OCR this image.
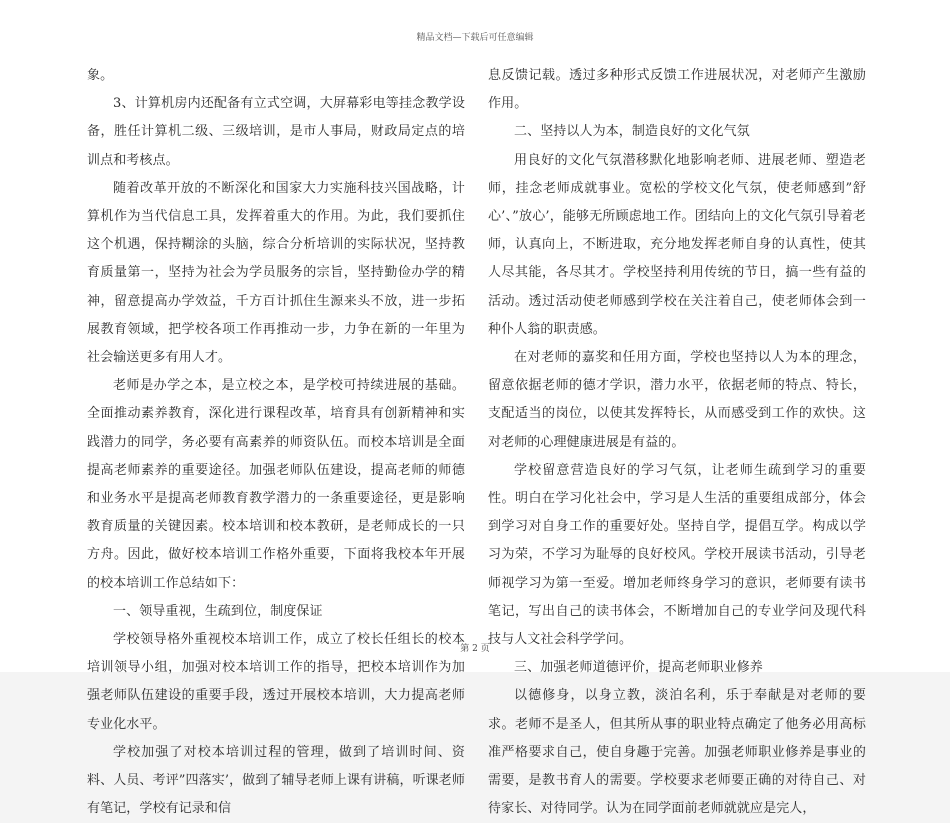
精品文档—下载后可任意编辑

象。

3、计算机房内还配备有立式空调，大屏幕彩电等挂念教学设备，胜任计算机二级、三级培训，是市人事局，财政局定点的培训点和考核点。

随着改革开放的不断深化和国家大力实施科技兴国战略，计算机作为当代信息工具，发挥着重大的作用。为此，我们要抓住这个机遇，保持糊涂的头脑，综合分析培训的实际状况，坚持教育质量第一，坚持为社会为学员服务的宗旨，坚持勤俭办学的精神，留意提高办学效益，千方百计抓住生源来头不放，进一步拓展教育领域，把学校各项工作再推动一步，力争在新的一年里为社会输送更多有用人才。

老师是办学之本，是立校之本，是学校可持续进展的基础。全面推动素养教育，深化进行课程改革，培育具有创新精神和实践潜力的同学，务必要有高素养的师资队伍。而校本培训是全面提高老师素养的重要途径。加强老师队伍建设，提高老师的师德和业务水平是提高老师教育教学潜力的一条重要途径，更是影响教育质量的关键因素。校本培训和校本教研，是老师成长的一只方舟。因此，做好校本培训工作格外重要，下面将我校本年开展的校本培训工作总结如下：

一、领导重视，生疏到位，制度保证

学校领导格外重视校本培训工作，成立了校长任组长的校本培训领导小组，加强对校本培训工作的指导，把校本培训作为加强老师队伍建设的重要手段，透过开展校本培训，大力提高老师专业化水平。

学校加强了对校本培训过程的管理，做到了培训时间、资料、人员、考评”四落实’，做到了辅导老师上课有讲稿，听课老师有笔记，学校有记录和信

息反馈记载。透过多种形式反馈工作进展状况，对老师产生激励作用。

二、坚持以人为本，制造良好的文化气氛

用良好的文化气氛潜移默化地影响老师、进展老师、塑造老师，挂念老师成就事业。宽松的学校文化气氛，使老师感到”舒心’、”放心’，能够无所顾虑地工作。团结向上的文化气氛引导着老师，认真向上，不断进取，充分地发挥老师自身的认真性，使其人尽其能，各尽其才。学校坚持利用传统的节日，搞一些有益的活动。透过活动使老师感到学校在关注着自己，使老师体会到一种仆人翁的职责感。

在对老师的嘉奖和任用方面，学校也坚持以人为本的理念，留意依据老师的德才学识，潜力水平，依据老师的特点、特长，支配适当的岗位，以使其发挥特长，从而感受到工作的欢快。这对老师的心理健康进展是有益的。

学校留意营造良好的学习气氛，让老师生疏到学习的重要性。明白在学习化社会中，学习是人生活的重要组成部分，体会到学习对自身工作的重要好处。坚持自学，提倡互学。构成以学习为荣，不学习为耻辱的良好校风。学校开展读书活动，引导老师视学习为第一至爱。增加老师终身学习的意识，老师要有读书笔记，写出自己的读书体会，不断增加自己的专业学问及现代科技与人文社会科学学问。

三、加强老师道德评价，提高老师职业修养

以德修身，以身立教，淡泊名利，乐于奉献是对老师的要求。老师不是圣人，但其所从事的职业特点确定了他务必用高标准严格要求自己，使自身趣于完善。加强老师职业修养是事业的需要，是教书育人的需要。学校要求老师要正确的对待自己、对待家长、对待同学。认为在同学面前老师就就应是完人，

第 2 页
